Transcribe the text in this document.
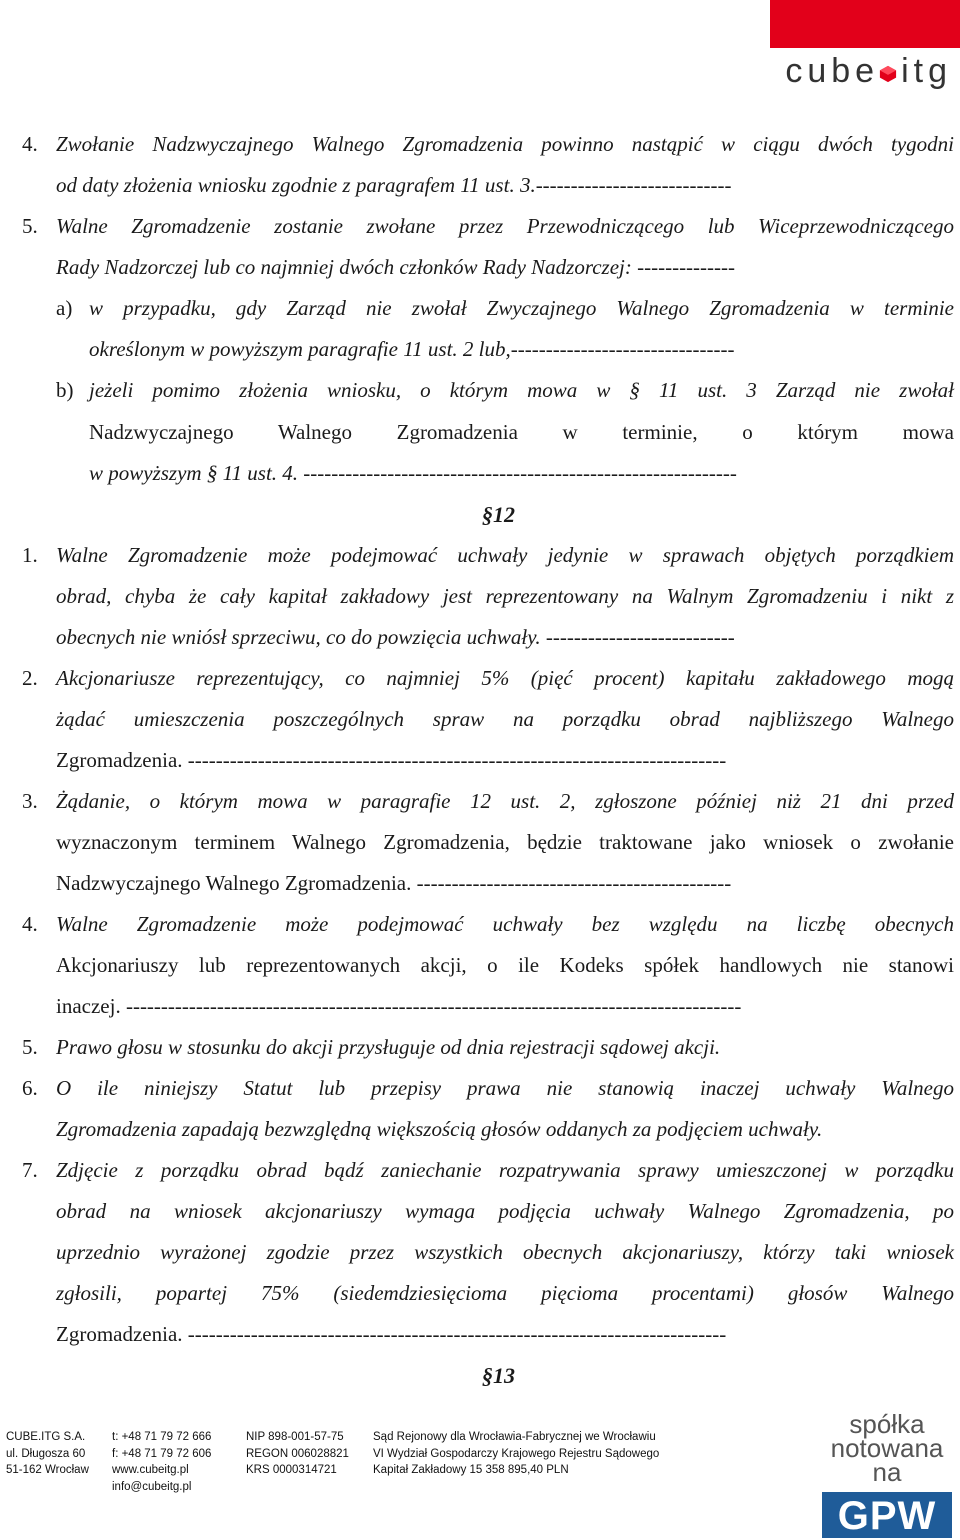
cube itg
4. Zwołanie Nadzwyczajnego Walnego Zgromadzenia powinno nastąpić w ciągu dwóch tygodni
od daty złożenia wniosku zgodnie z paragrafem 11 ust. 3.----------------------------
5. Walne Zgromadzenie zostanie zwołane przez Przewodniczącego lub Wiceprzewodniczącego
Rady Nadzorczej lub co najmniej dwóch członków Rady Nadzorczej: --------------
a) w przypadku, gdy Zarząd nie zwołał Zwyczajnego Walnego Zgromadzenia w terminie
określonym w powyższym paragrafie 11 ust. 2 lub,--------------------------------
b) jeżeli pomimo złożenia wniosku, o którym mowa w § 11 ust. 3 Zarząd nie zwołał
Nadzwyczajnego Walnego Zgromadzenia w terminie, o którym mowa
w powyższym § 11 ust. 4. --------------------------------------------------------------
§12
1. Walne Zgromadzenie może podejmować uchwały jedynie w sprawach objętych porządkiem
obrad, chyba że cały kapitał zakładowy jest reprezentowany na Walnym Zgromadzeniu i nikt z
obecnych nie wniósł sprzeciwu, co do powzięcia uchwały. ---------------------------
2. Akcjonariusze reprezentujący, co najmniej 5% (pięć procent) kapitału zakładowego mogą
żądać umieszczenia poszczególnych spraw na porządku obrad najbliższego Walnego
Zgromadzenia. -----------------------------------------------------------------------------
3. Żądanie, o którym mowa w paragrafie 12 ust. 2, zgłoszone później niż 21 dni przed
wyznaczonym terminem Walnego Zgromadzenia, będzie traktowane jako wniosek o zwołanie
Nadzwyczajnego Walnego Zgromadzenia. ---------------------------------------------
4. Walne Zgromadzenie może podejmować uchwały bez względu na liczbę obecnych
Akcjonariuszy lub reprezentowanych akcji, o ile Kodeks spółek handlowych nie stanowi
inaczej. ----------------------------------------------------------------------------------------
5. Prawo głosu w stosunku do akcji przysługuje od dnia rejestracji sądowej akcji.
6. O ile niniejszy Statut lub przepisy prawa nie stanowią inaczej uchwały Walnego
Zgromadzenia zapadają bezwzględną większością głosów oddanych za podjęciem uchwały.
7. Zdjęcie z porządku obrad bądź zaniechanie rozpatrywania sprawy umieszczonej w porządku
obrad na wniosek akcjonariuszy wymaga podjęcia uchwały Walnego Zgromadzenia, po
uprzednio wyrażonej zgodzie przez wszystkich obecnych akcjonariuszy, którzy taki wniosek
zgłosili, popartej 75% (siedemdziesięcioma pięcioma procentami) głosów Walnego
Zgromadzenia. -----------------------------------------------------------------------------
§13
CUBE.ITG S.A.
ul. Długosza 60
51-162 Wrocław
t: +48 71 79 72 666
f: +48 71 79 72 606
www.cubeitg.pl
info@cubeitg.pl
NIP 898-001-57-75
REGON 006028821
KRS 0000314721
Sąd Rejonowy dla Wrocławia-Fabrycznej we Wrocławiu
VI Wydział Gospodarczy Krajowego Rejestru Sądowego
Kapitał Zakładowy 15 358 895,40 PLN
spółka
notowana na
GPW
